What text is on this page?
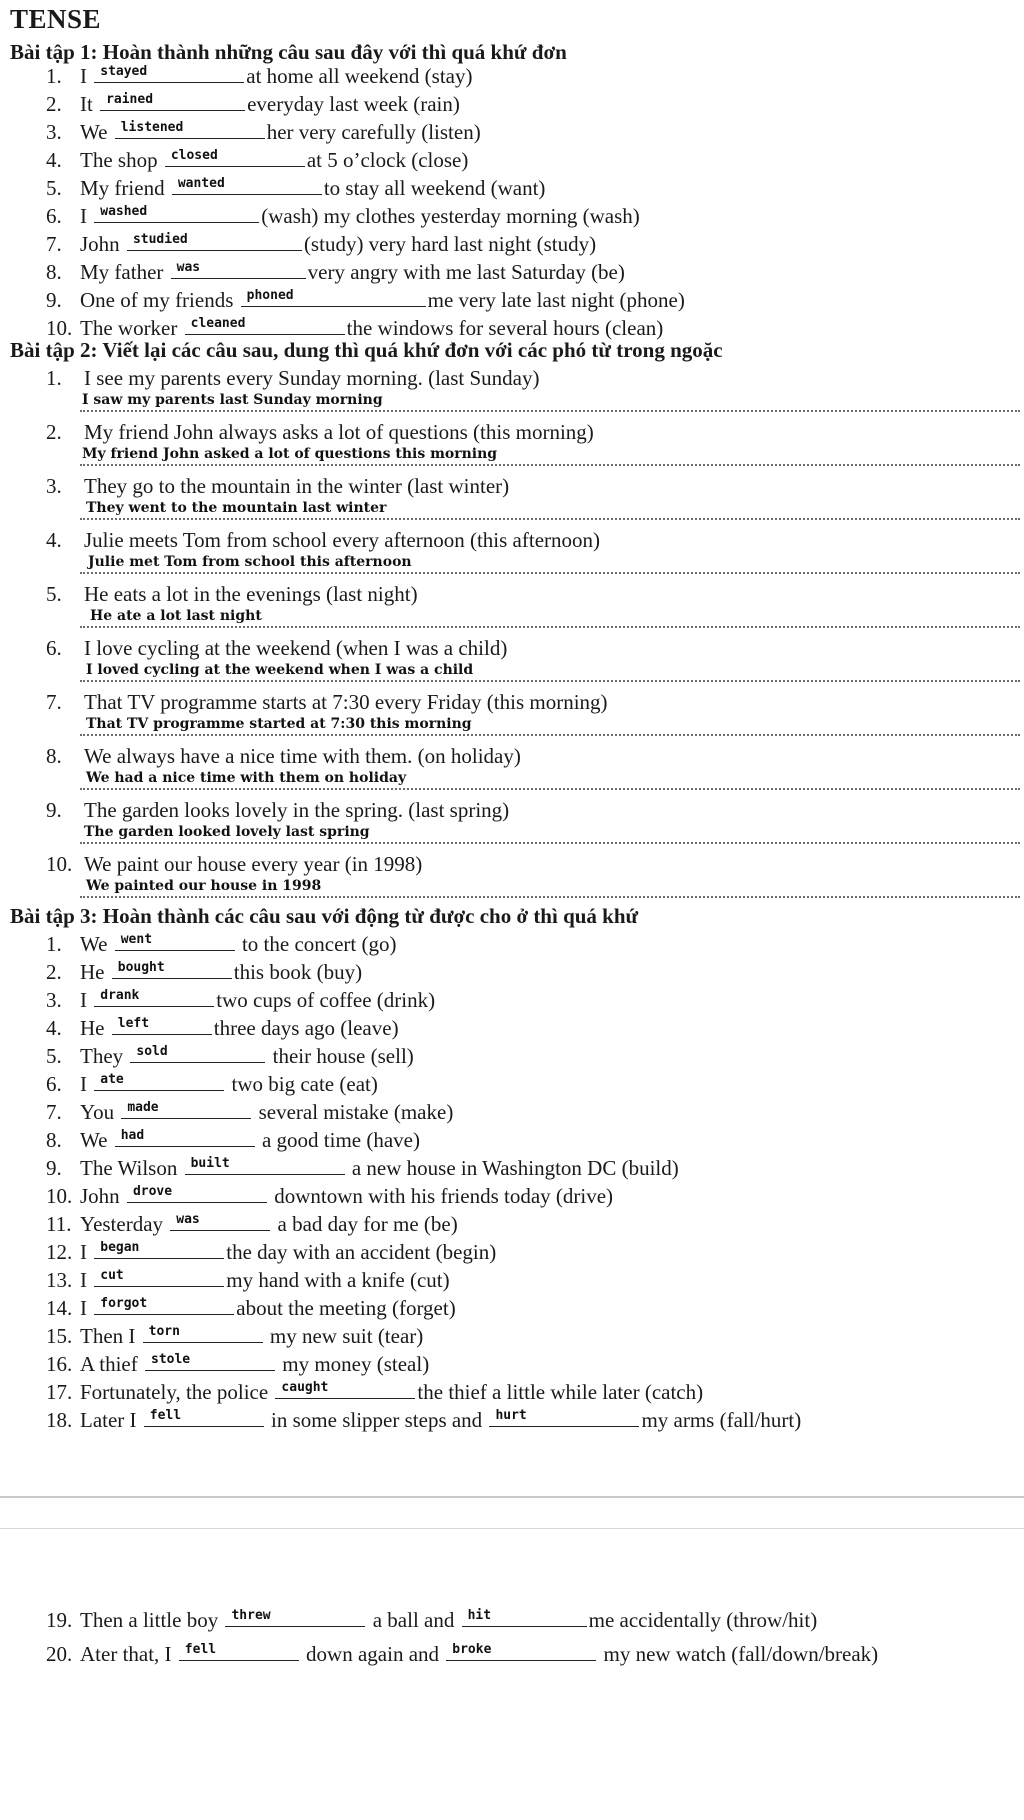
TENSE
Bài tập 1: Hoàn thành những câu sau đây với thì quá khứ đơn
1. I stayed	at home all weekend (stay)
2. It rained	everyday last week (rain)
3. We listened	her very carefully (listen)
4. The shop closed	at 5 o’clock (close)
5. My friend wanted	to stay all weekend (want)
6. I washed	(wash) my clothes yesterday morning (wash)
7. John studied	(study) very hard last night (study)
8. My father was	very angry with me last Saturday (be)
9. One of my friends phoned	me very late last night (phone)
10. The worker cleaned	the windows for several hours (clean)
Bài tập 2: Viết lại các câu sau, dung thì quá khứ đơn với các phó từ trong ngoặc
1. I see my parents every Sunday morning. (last Sunday)
I saw my parents last Sunday morning
2. My friend John always asks a lot of questions (this morning)
My friend John asked a lot of questions this morning
3. They go to the mountain in the winter (last winter)
They went to the mountain last winter
4. Julie meets Tom from school every afternoon (this afternoon)
Julie met Tom from school this afternoon
5. He eats a lot in the evenings (last night)
He ate a lot last night
6. I love cycling at the weekend (when I was a child)
I loved cycling at the weekend when I was a child
7. That TV programme starts at 7:30 every Friday (this morning)
That TV programme started at 7:30 this morning
8. We always have a nice time with them. (on holiday)
We had a nice time with them on holiday
9. The garden looks lovely in the spring. (last spring)
The garden looked lovely last spring
10. We paint our house every year (in 1998)
We painted our house in 1998
Bài tập 3: Hoàn thành các câu sau với động từ được cho ở thì quá khứ
1. We went	to the concert (go)
2. He bought	this book (buy)
3. I drank	two cups of coffee (drink)
4. He left	three days ago (leave)
5. They sold	their house (sell)
6. I ate	two big cate (eat)
7. You made	several mistake (make)
8. We had	a good time (have)
9. The Wilson built	a new house in Washington DC (build)
10. John drove	downtown with his friends today (drive)
11. Yesterday was	a bad day for me (be)
12. I began	the day with an accident (begin)
13. I cut	my hand with a knife (cut)
14. I forgot	about the meeting (forget)
15. Then I torn	my new suit (tear)
16. A thief stole	my money (steal)
17. Fortunately, the police caught	the thief a little while later (catch)
18. Later I fell	in some slipper steps and hurt	my arms (fall/hurt)
19. Then a little boy threw	a ball and hit	me accidentally (throw/hit)
20. Ater that, I fell	down again and broke	my new watch (fall/down/break)
